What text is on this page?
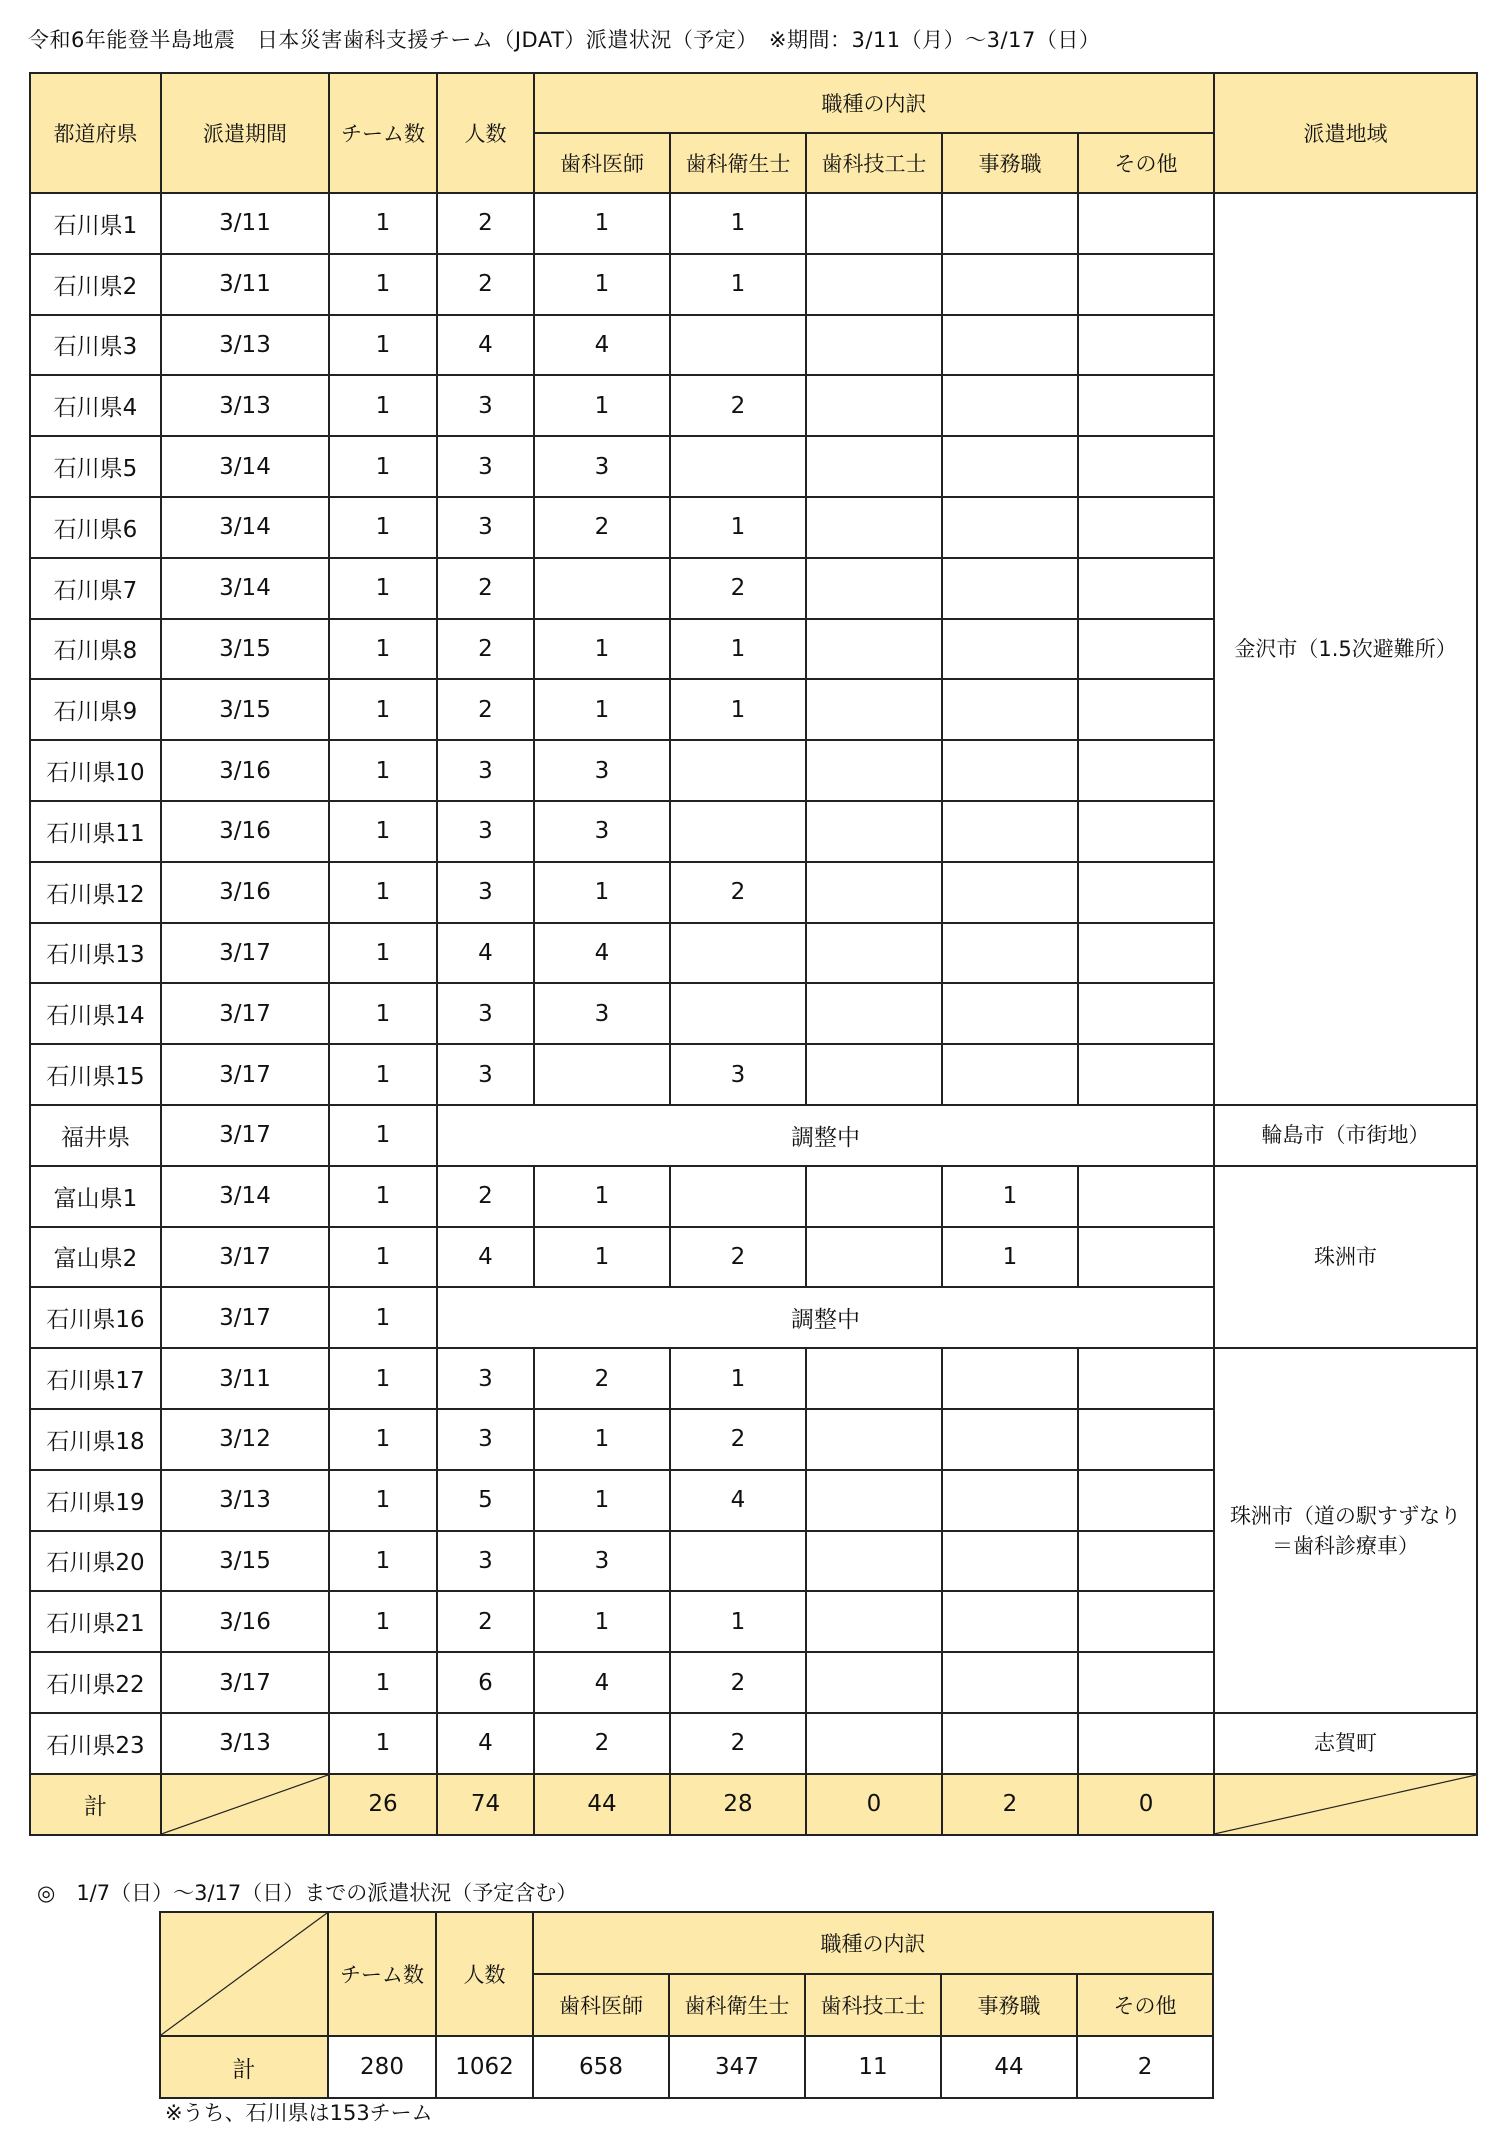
令和6年能登半島地震　日本災害歯科支援チーム（JDAT）派遣状況（予定）　※期間：3/11（月）～3/17（日）
都道府県	派遣期間	チーム数	人数	職種の内訳					派遣地域
				歯科医師	歯科衛生士	歯科技工士	事務職	その他	
石川県1	3/11	1	2	1	1				金沢市（1.5次避難所）
石川県2	3/11	1	2	1	1				
石川県3	3/13	1	4	4					
石川県4	3/13	1	3	1	2				
石川県5	3/14	1	3	3					
石川県6	3/14	1	3	2	1				
石川県7	3/14	1	2		2				
石川県8	3/15	1	2	1	1				
石川県9	3/15	1	2	1	1				
石川県10	3/16	1	3	3					
石川県11	3/16	1	3	3					
石川県12	3/16	1	3	1	2				
石川県13	3/17	1	4	4					
石川県14	3/17	1	3	3					
石川県15	3/17	1	3		3				
福井県	3/17	1	調整中						輪島市（市街地）
富山県1	3/14	1	2	1			1		珠洲市
富山県2	3/17	1	4	1	2		1		
石川県16	3/17	1	調整中						
石川県17	3/11	1	3	2	1				珠洲市（道の駅すずなり
＝歯科診療車）
石川県18	3/12	1	3	1	2				
石川県19	3/13	1	5	1	4				
石川県20	3/15	1	3	3					
石川県21	3/16	1	2	1	1				
石川県22	3/17	1	6	4	2				
石川県23	3/13	1	4	2	2				志賀町
計		26	74	44	28	0	2	0	
◎　1/7（日）～3/17（日）までの派遣状況（予定含む）
	チーム数	人数	職種の内訳				
			歯科医師	歯科衛生士	歯科技工士	事務職	その他
計	280	1062	658	347	11	44	2
※うち、石川県は153チーム
